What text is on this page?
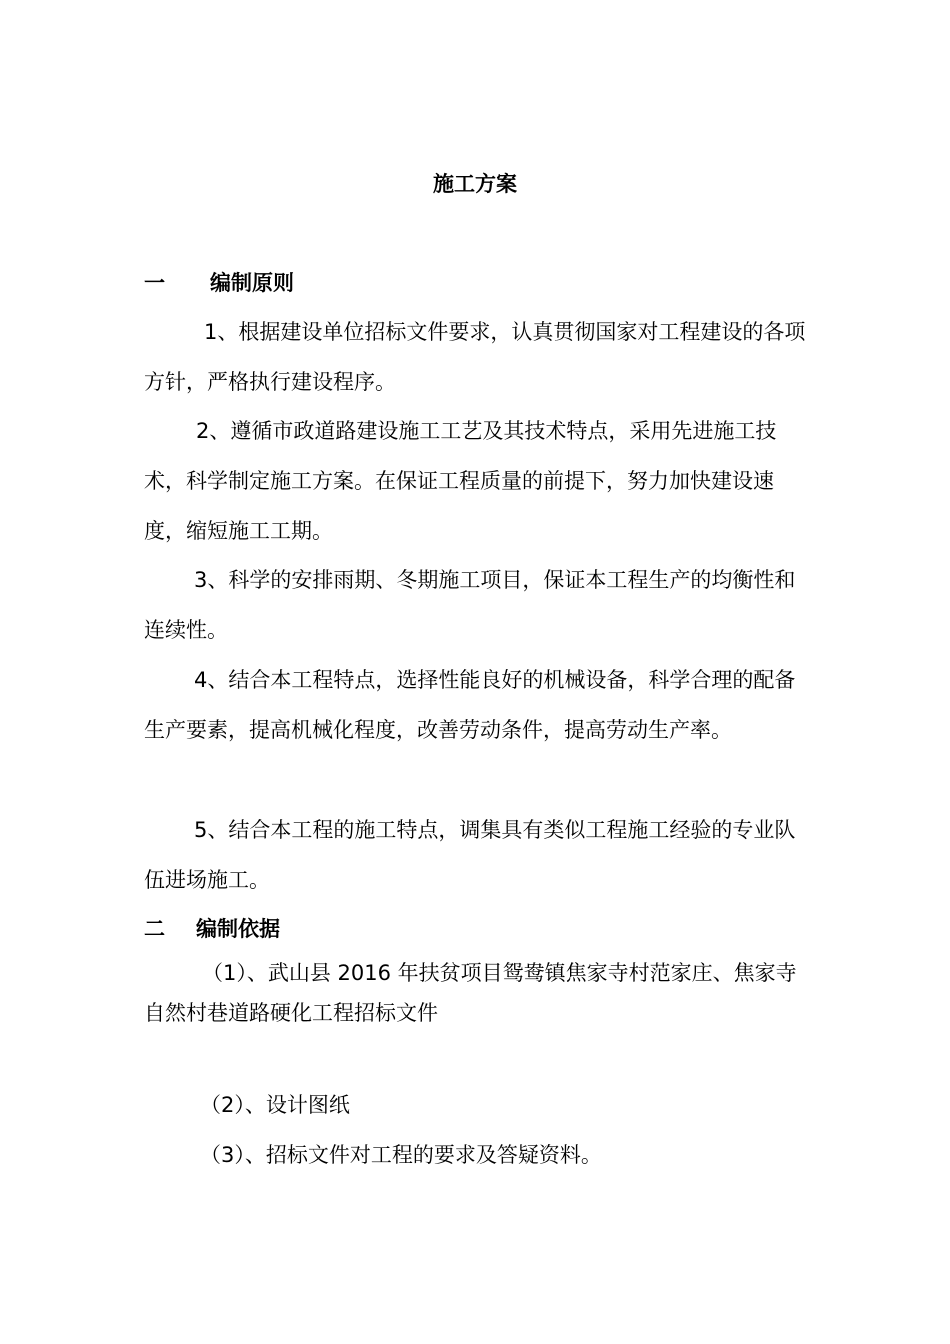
施工方案
一 编制原则

1、根据建设单位招标文件要求，认真贯彻国家对工程建设的各项方针，严格执行建设程序。

2、遵循市政道路建设施工工艺及其技术特点，采用先进施工技术，科学制定施工方案。在保证工程质量的前提下，努力加快建设速度，缩短施工工期。

3、科学的安排雨期、冬期施工项目，保证本工程生产的均衡性和连续性。

4、结合本工程特点，选择性能良好的机械设备，科学合理的配备生产要素，提高机械化程度，改善劳动条件，提高劳动生产率。

5、结合本工程的施工特点，调集具有类似工程施工经验的专业队伍进场施工。

二 编制依据

（1）、武山县 2016 年扶贫项目鸳鸯镇焦家寺村范家庄、焦家寺自然村巷道路硬化工程招标文件

（2）、设计图纸
（3）、招标文件对工程的要求及答疑资料。
